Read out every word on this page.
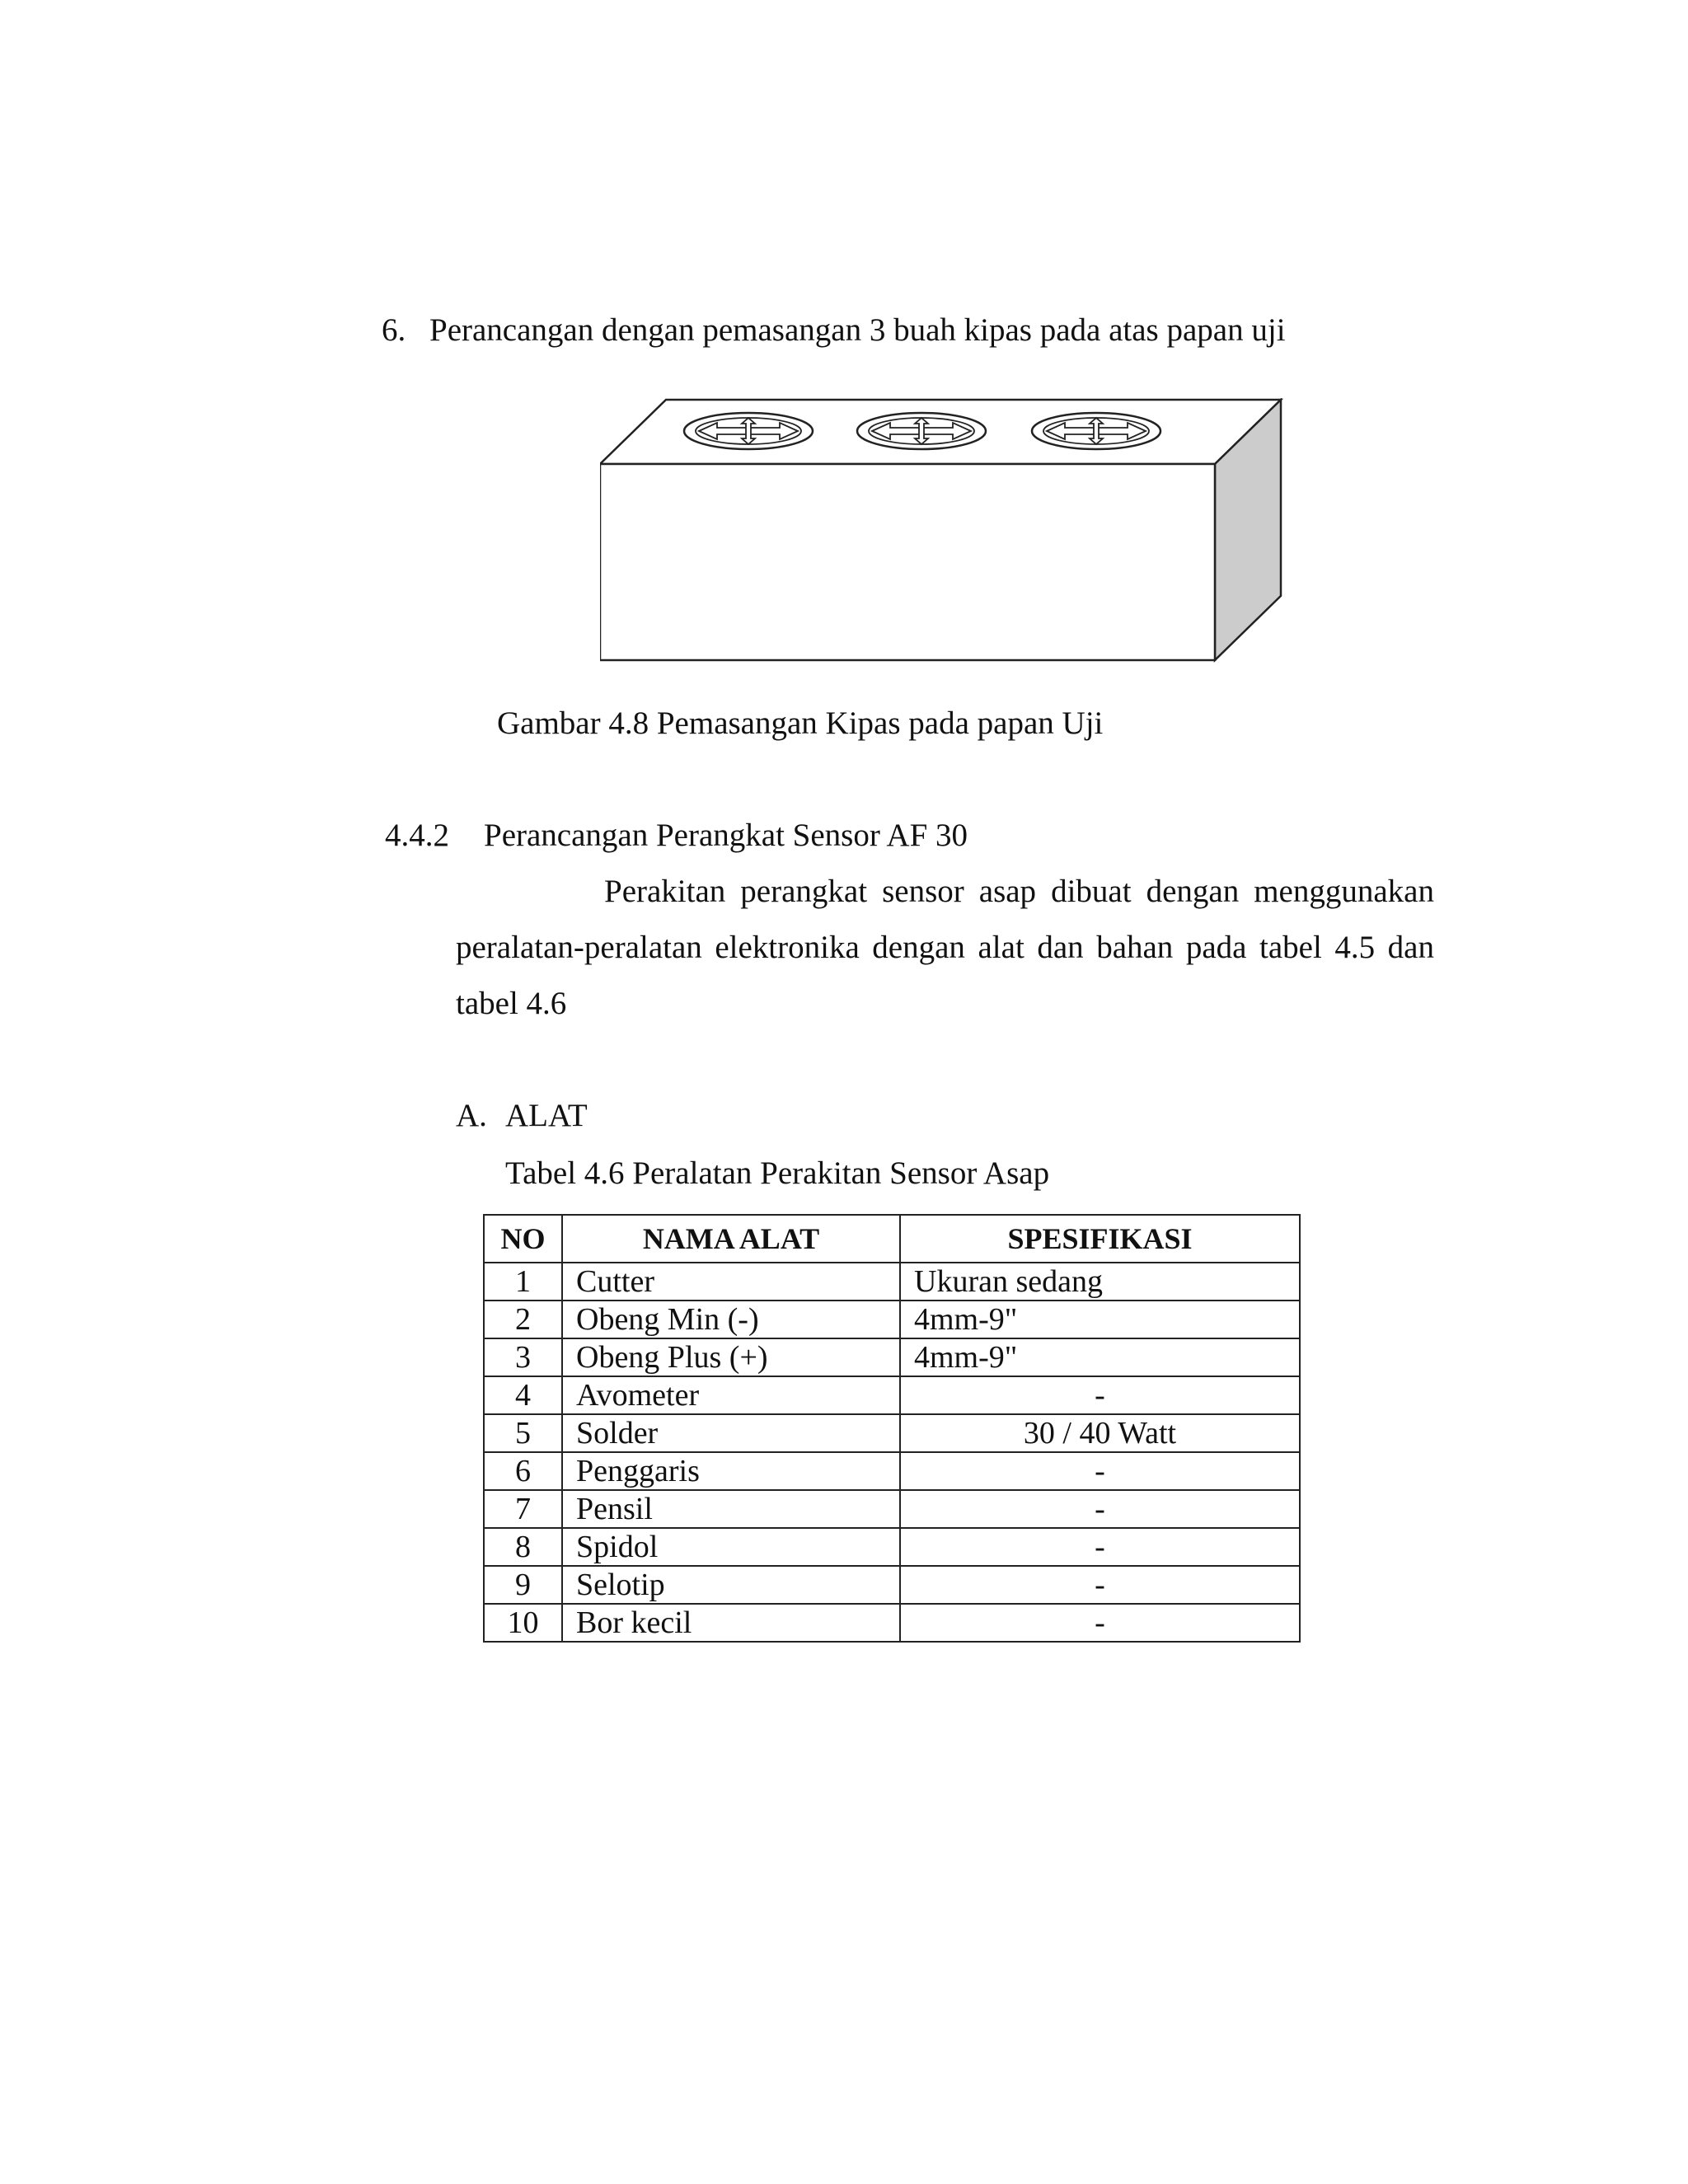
6. Perancangan dengan pemasangan 3 buah kipas pada atas papan uji
Gambar 4.8 Pemasangan Kipas pada papan Uji
4.4.2 Perancangan Perangkat Sensor AF 30
Perakitan perangkat sensor asap dibuat dengan menggunakan
peralatan-peralatan elektronika dengan alat dan bahan pada tabel 4.5 dan
tabel 4.6
A. ALAT
Tabel 4.6 Peralatan Perakitan Sensor Asap
NO	NAMA ALAT	SPESIFIKASI
1	Cutter	Ukuran sedang
2	Obeng Min (-)	4mm-9"
3	Obeng Plus (+)	4mm-9"
4	Avometer	-
5	Solder	30 / 40 Watt
6	Penggaris	-
7	Pensil	-
8	Spidol	-
9	Selotip	-
10	Bor kecil	-
